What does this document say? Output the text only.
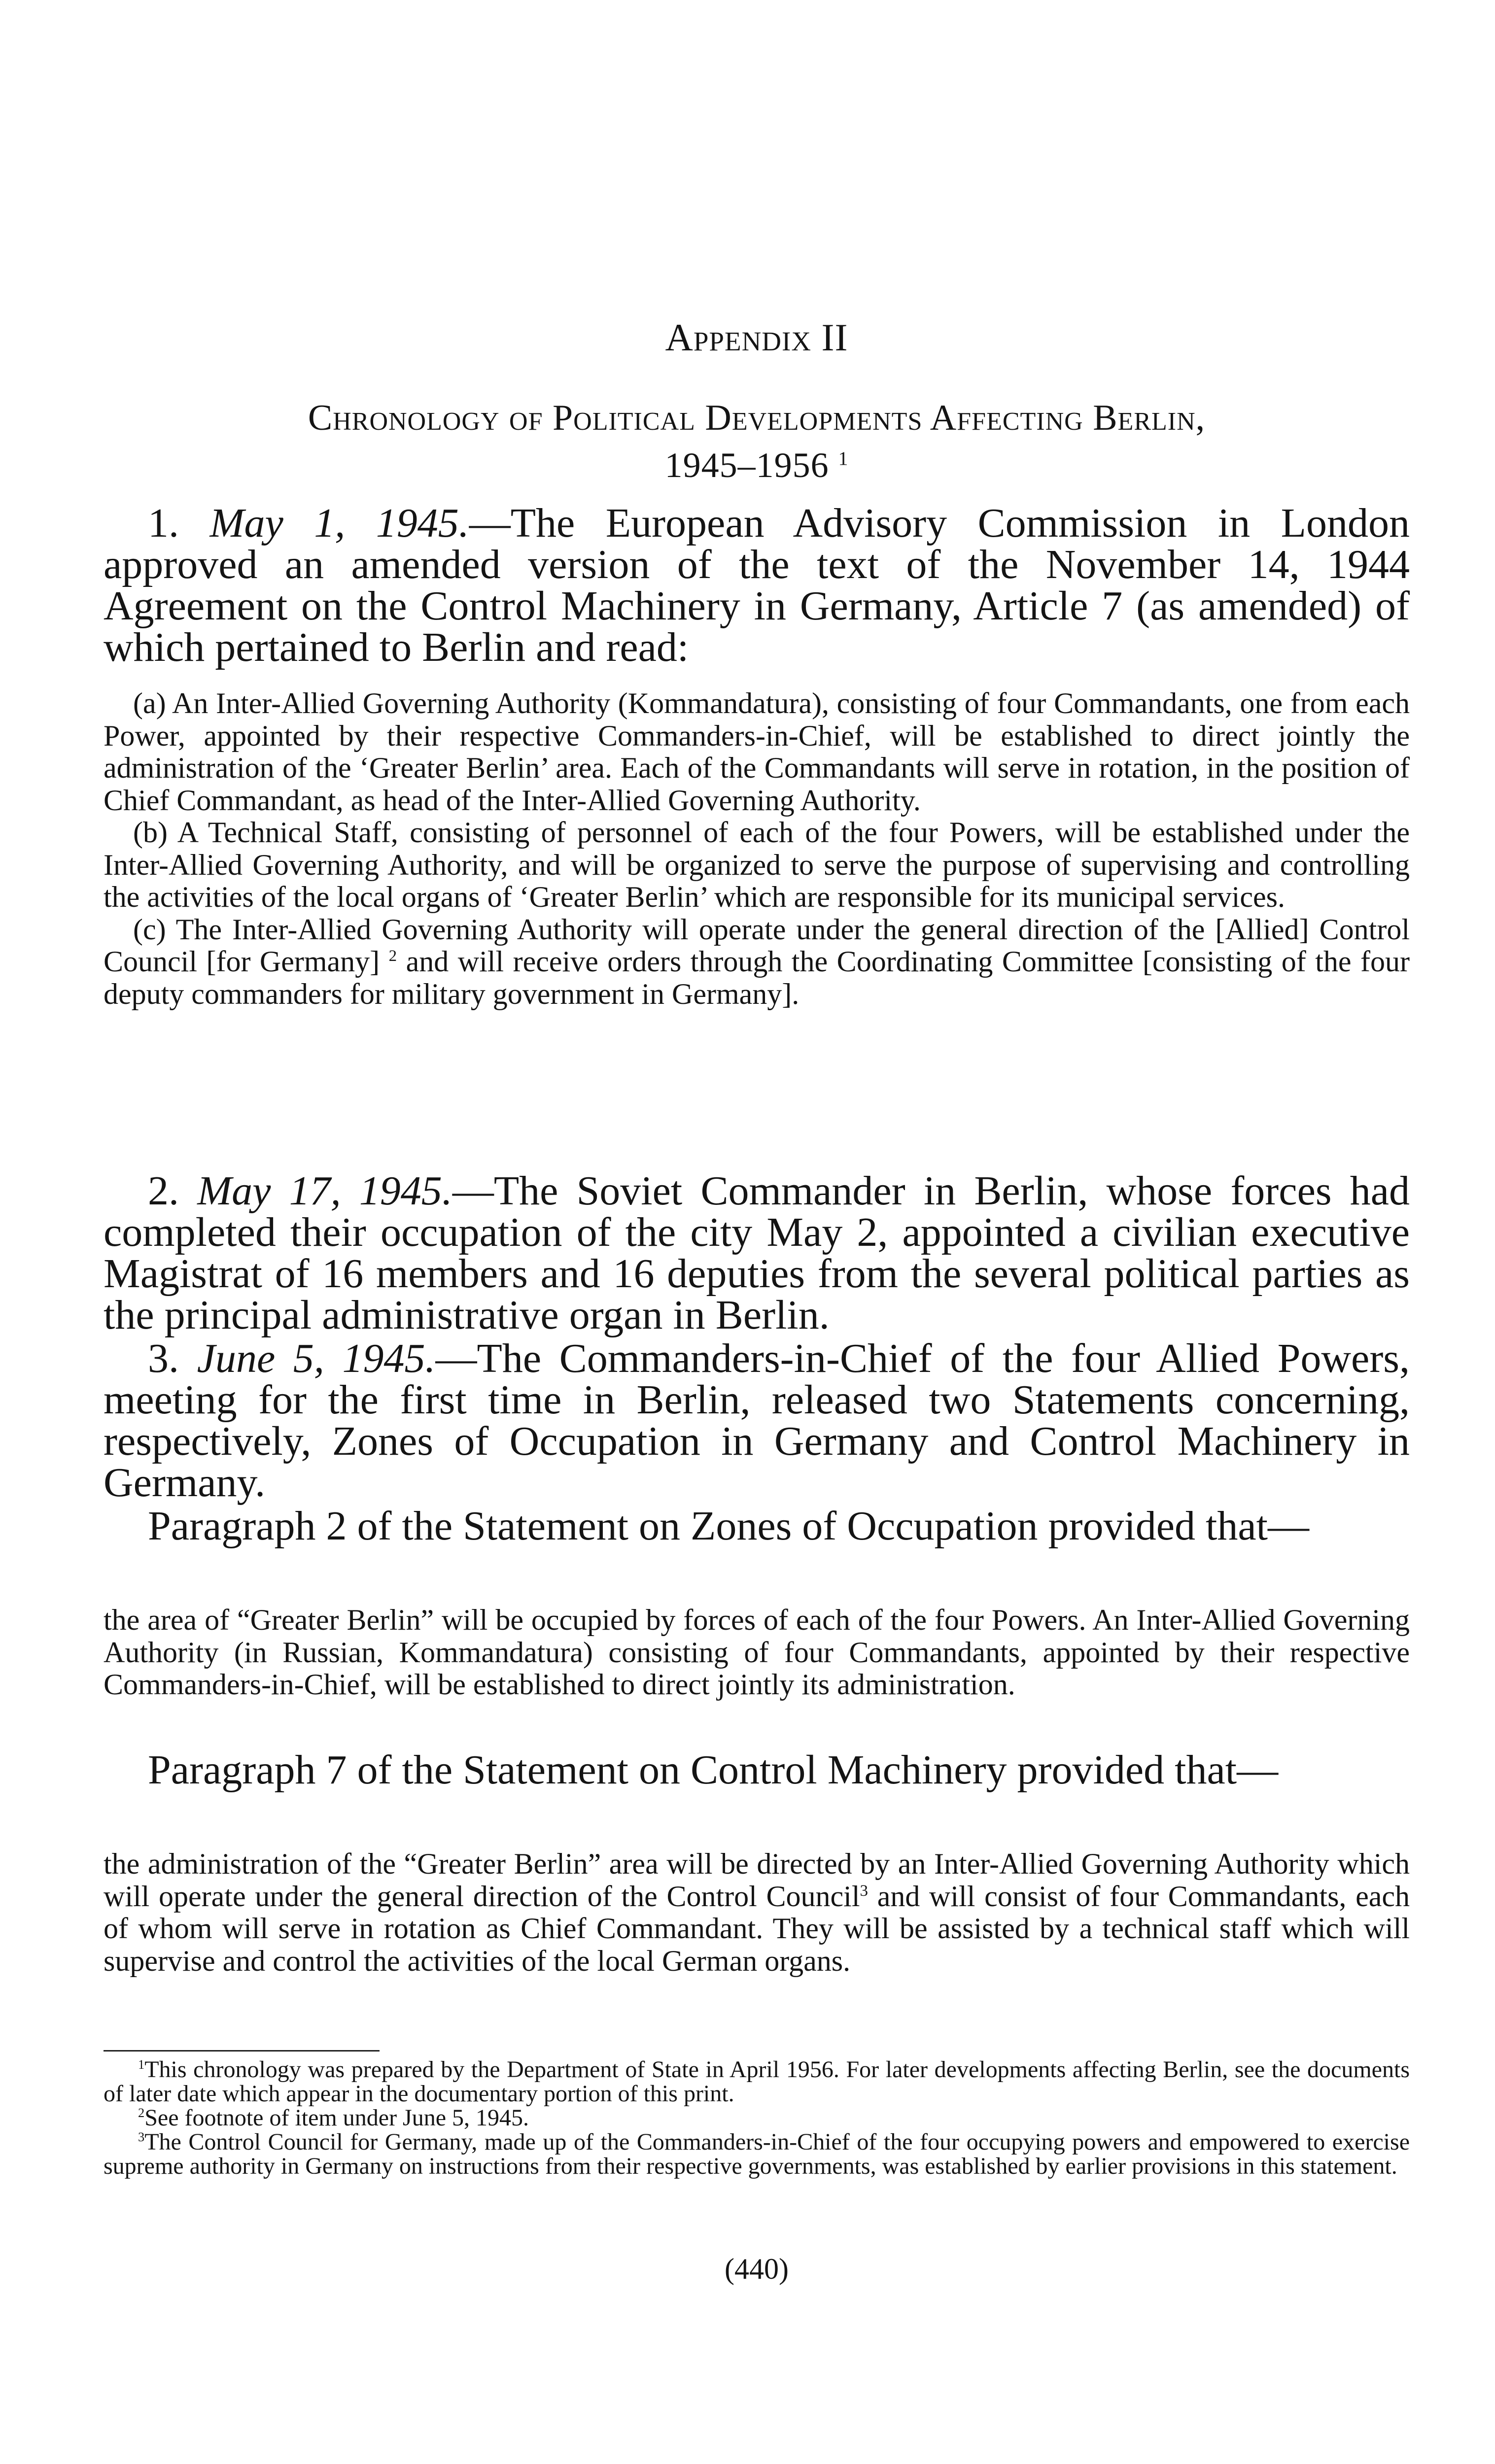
Appendix II
Chronology of Political Developments Affecting Berlin,
1945–1956 $^1$
1. May 1, 1945.—The European Advisory Commission in London approved an amended version of the text of the November 14, 1944 Agreement on the Control Machinery in Germany, Article 7 (as amended) of which pertained to Berlin and read:

(a) An Inter-Allied Governing Authority (Kommandatura), consisting of four Commandants, one from each Power, appointed by their respective Commanders-in-Chief, will be established to direct jointly the administration of the ‘Greater Berlin’ area. Each of the Commandants will serve in rotation, in the position of Chief Commandant, as head of the Inter-Allied Governing Authority.

(b) A Technical Staff, consisting of personnel of each of the four Powers, will be established under the Inter-Allied Governing Authority, and will be organized to serve the purpose of supervising and controlling the activities of the local organs of ‘Greater Berlin’ which are responsible for its municipal services.

(c) The Inter-Allied Governing Authority will operate under the general direction of the [Allied] Control Council [for Germany] $^2$ and will receive orders through the Coordinating Committee [consisting of the four deputy commanders for military government in Germany].

2. May 17, 1945.—The Soviet Commander in Berlin, whose forces had completed their occupation of the city May 2, appointed a civilian executive Magistrat of 16 members and 16 deputies from the several political parties as the principal administrative organ in Berlin.
3. June 5, 1945.—The Commanders-in-Chief of the four Allied Powers, meeting for the first time in Berlin, released two Statements concerning, respectively, Zones of Occupation in Germany and Control Machinery in Germany.
Paragraph 2 of the Statement on Zones of Occupation provided that—

the area of “Greater Berlin” will be occupied by forces of each of the four Powers. An Inter-Allied Governing Authority (in Russian, Kommandatura) consisting of four Commandants, appointed by their respective Commanders-in-Chief, will be established to direct jointly its administration.

Paragraph 7 of the Statement on Control Machinery provided that—

the administration of the “Greater Berlin” area will be directed by an Inter-Allied Governing Authority which will operate under the general direction of the Control Council$^3$ and will consist of four Commandants, each of whom will serve in rotation as Chief Commandant. They will be assisted by a technical staff which will supervise and control the activities of the local German organs.

$^1$This chronology was prepared by the Department of State in April 1956. For later developments affecting Berlin, see the documents of later date which appear in the documentary portion of this print.

$^2$See footnote of item under June 5, 1945.

$^3$The Control Council for Germany, made up of the Commanders-in-Chief of the four occupying powers and empowered to exercise supreme authority in Germany on instructions from their respective governments, was established by earlier provisions in this statement.

(440)
